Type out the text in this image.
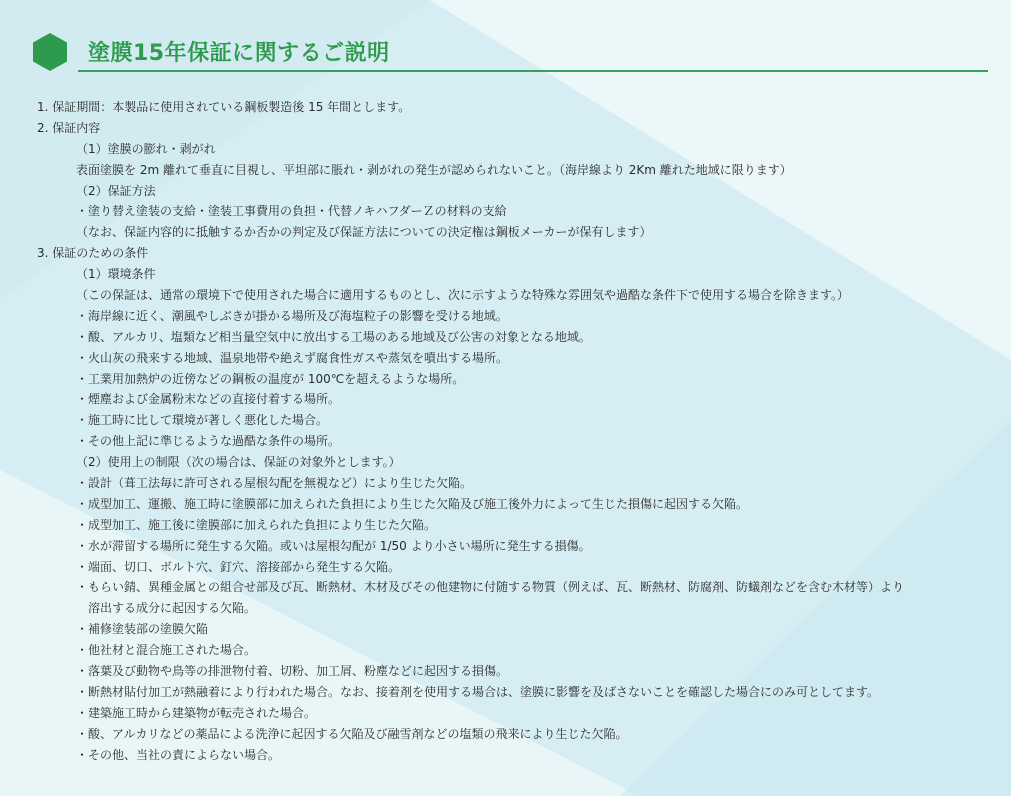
塗膜15年保証に関するご説明
1. 保証期間：本製品に使用されている鋼板製造後 15 年間とします。
2. 保証内容
（1）塗膜の膨れ・剥がれ
表面塗膜を 2m 離れて垂直に目視し、平坦部に脹れ・剥がれの発生が認められないこと。（海岸線より 2Km 離れた地域に限ります）
（2）保証方法
・塗り替え塗装の支給・塗装工事費用の負担・代替ノキハフダーＺの材料の支給
（なお、保証内容的に抵触するか否かの判定及び保証方法についての決定権は鋼板メーカーが保有します）
3. 保証のための条件
（1）環境条件
（この保証は、通常の環境下で使用された場合に適用するものとし、次に示すような特殊な雰囲気や過酷な条件下で使用する場合を除きます。）
・海岸線に近く、潮風やしぶきが掛かる場所及び海塩粒子の影響を受ける地域。
・酸、アルカリ、塩類など相当量空気中に放出する工場のある地域及び公害の対象となる地域。
・火山灰の飛来する地域、温泉地帯や絶えず腐食性ガスや蒸気を噴出する場所。
・工業用加熱炉の近傍などの鋼板の温度が 100℃を超えるような場所。
・煙塵および金属粉末などの直接付着する場所。
・施工時に比して環境が著しく悪化した場合。
・その他上記に準じるような過酷な条件の場所。
（2）使用上の制限（次の場合は、保証の対象外とします。）
・設計（葺工法毎に許可される屋根勾配を無視など）により生じた欠陥。
・成型加工、運搬、施工時に塗膜部に加えられた負担により生じた欠陥及び施工後外力によって生じた損傷に起因する欠陥。
・成型加工、施工後に塗膜部に加えられた負担により生じた欠陥。
・水が滞留する場所に発生する欠陥。或いは屋根勾配が 1/50 より小さい場所に発生する損傷。
・端面、切口、ボルト穴、釘穴、溶接部から発生する欠陥。
・もらい錆、異種金属との組合せ部及び瓦、断熱材、木材及びその他建物に付随する物質（例えば、瓦、断熱材、防腐剤、防蟻剤などを含む木材等）より
　溶出する成分に起因する欠陥。
・補修塗装部の塗膜欠陥
・他社材と混合施工された場合。
・落葉及び動物や鳥等の排泄物付着、切粉、加工屑、粉塵などに起因する損傷。
・断熱材貼付加工が熱融着により行われた場合。なお、接着剤を使用する場合は、塗膜に影響を及ばさないことを確認した場合にのみ可としてます。
・建築施工時から建築物が転売された場合。
・酸、アルカリなどの薬品による洗浄に起因する欠陥及び融雪剤などの塩類の飛来により生じた欠陥。
・その他、当社の責によらない場合。
